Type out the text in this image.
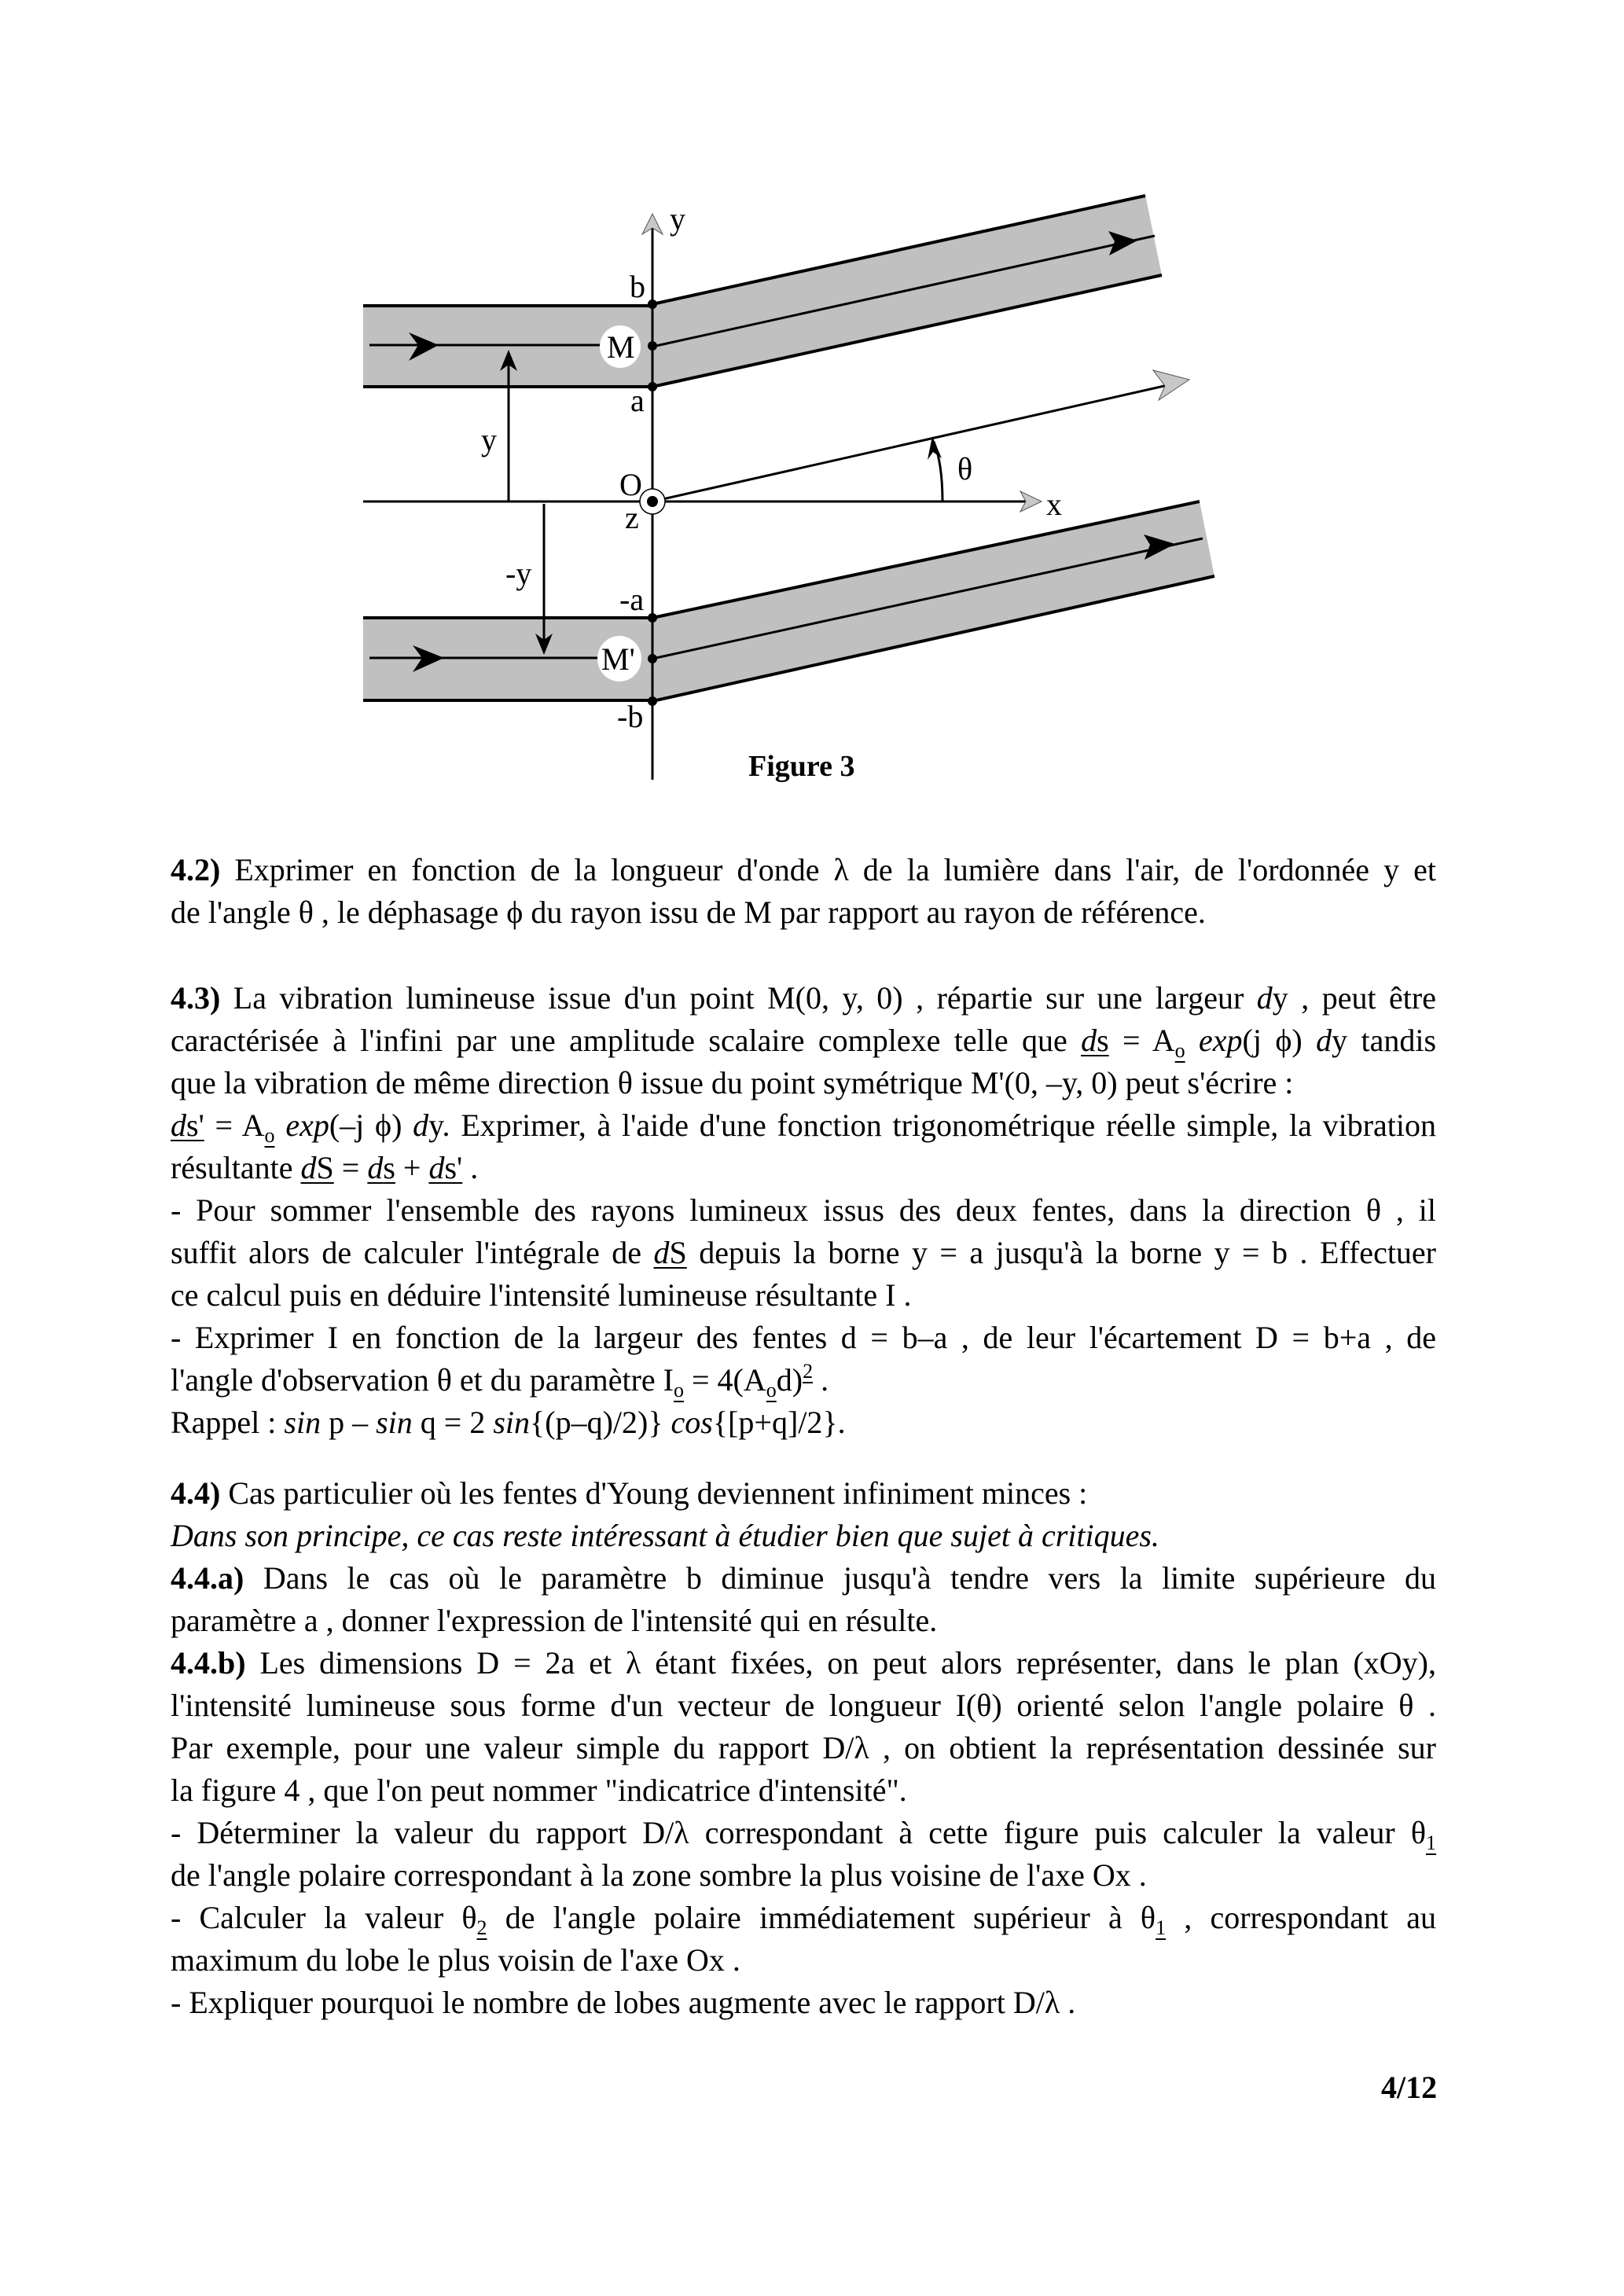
y
b
M
a
y
O
z
θ
x
-y
-a
M'
-b
Figure 3
4.2) Exprimer en fonction de la longueur d'onde λ de la lumière dans l'air, de l'ordonnée y et
de l'angle θ , le déphasage ϕ du rayon issu de M par rapport au rayon de référence.
4.3) La vibration lumineuse issue d'un point M(0, y, 0) , répartie sur une largeur dy , peut être
caractérisée à l'infini par une amplitude scalaire complexe telle que ds = $A_o$ exp(j ϕ) dy tandis
que la vibration de même direction θ issue du point symétrique M'(0, –y, 0) peut s'écrire :
$ds' = A_o$ exp(–j ϕ) dy. Exprimer, à l'aide d'une fonction trigonométrique réelle simple, la vibration
résultante dS = ds + ds' .
- Pour sommer l'ensemble des rayons lumineux issus des deux fentes, dans la direction θ , il
suffit alors de calculer l'intégrale de dS depuis la borne y = a jusqu'à la borne y = b . Effectuer
ce calcul puis en déduire l'intensité lumineuse résultante I .
- Exprimer I en fonction de la largeur des fentes d = b–a , de leur l'écartement D = b+a , de
l'angle d'observation θ et du paramètre $I_o = 4(A_od)^2$ .
Rappel : sin p – sin q = 2 sin{(p–q)/2)} cos{[p+q]/2}.
4.4) Cas particulier où les fentes d'Young deviennent infiniment minces :
Dans son principe, ce cas reste intéressant à étudier bien que sujet à critiques.
4.4.a) Dans le cas où le paramètre b diminue jusqu'à tendre vers la limite supérieure du
paramètre a , donner l'expression de l'intensité qui en résulte.
4.4.b) Les dimensions D = 2a et λ étant fixées, on peut alors représenter, dans le plan (xOy),
l'intensité lumineuse sous forme d'un vecteur de longueur I(θ) orienté selon l'angle polaire θ .
Par exemple, pour une valeur simple du rapport D/λ , on obtient la représentation dessinée sur
la figure 4 , que l'on peut nommer "indicatrice d'intensité".
- Déterminer la valeur du rapport D/λ correspondant à cette figure puis calculer la valeur $\theta_1$
de l'angle polaire correspondant à la zone sombre la plus voisine de l'axe Ox .
- Calculer la valeur $\theta_2$ de l'angle polaire immédiatement supérieur à $\theta_1$ , correspondant au
maximum du lobe le plus voisin de l'axe Ox .
- Expliquer pourquoi le nombre de lobes augmente avec le rapport D/λ .
4/12
